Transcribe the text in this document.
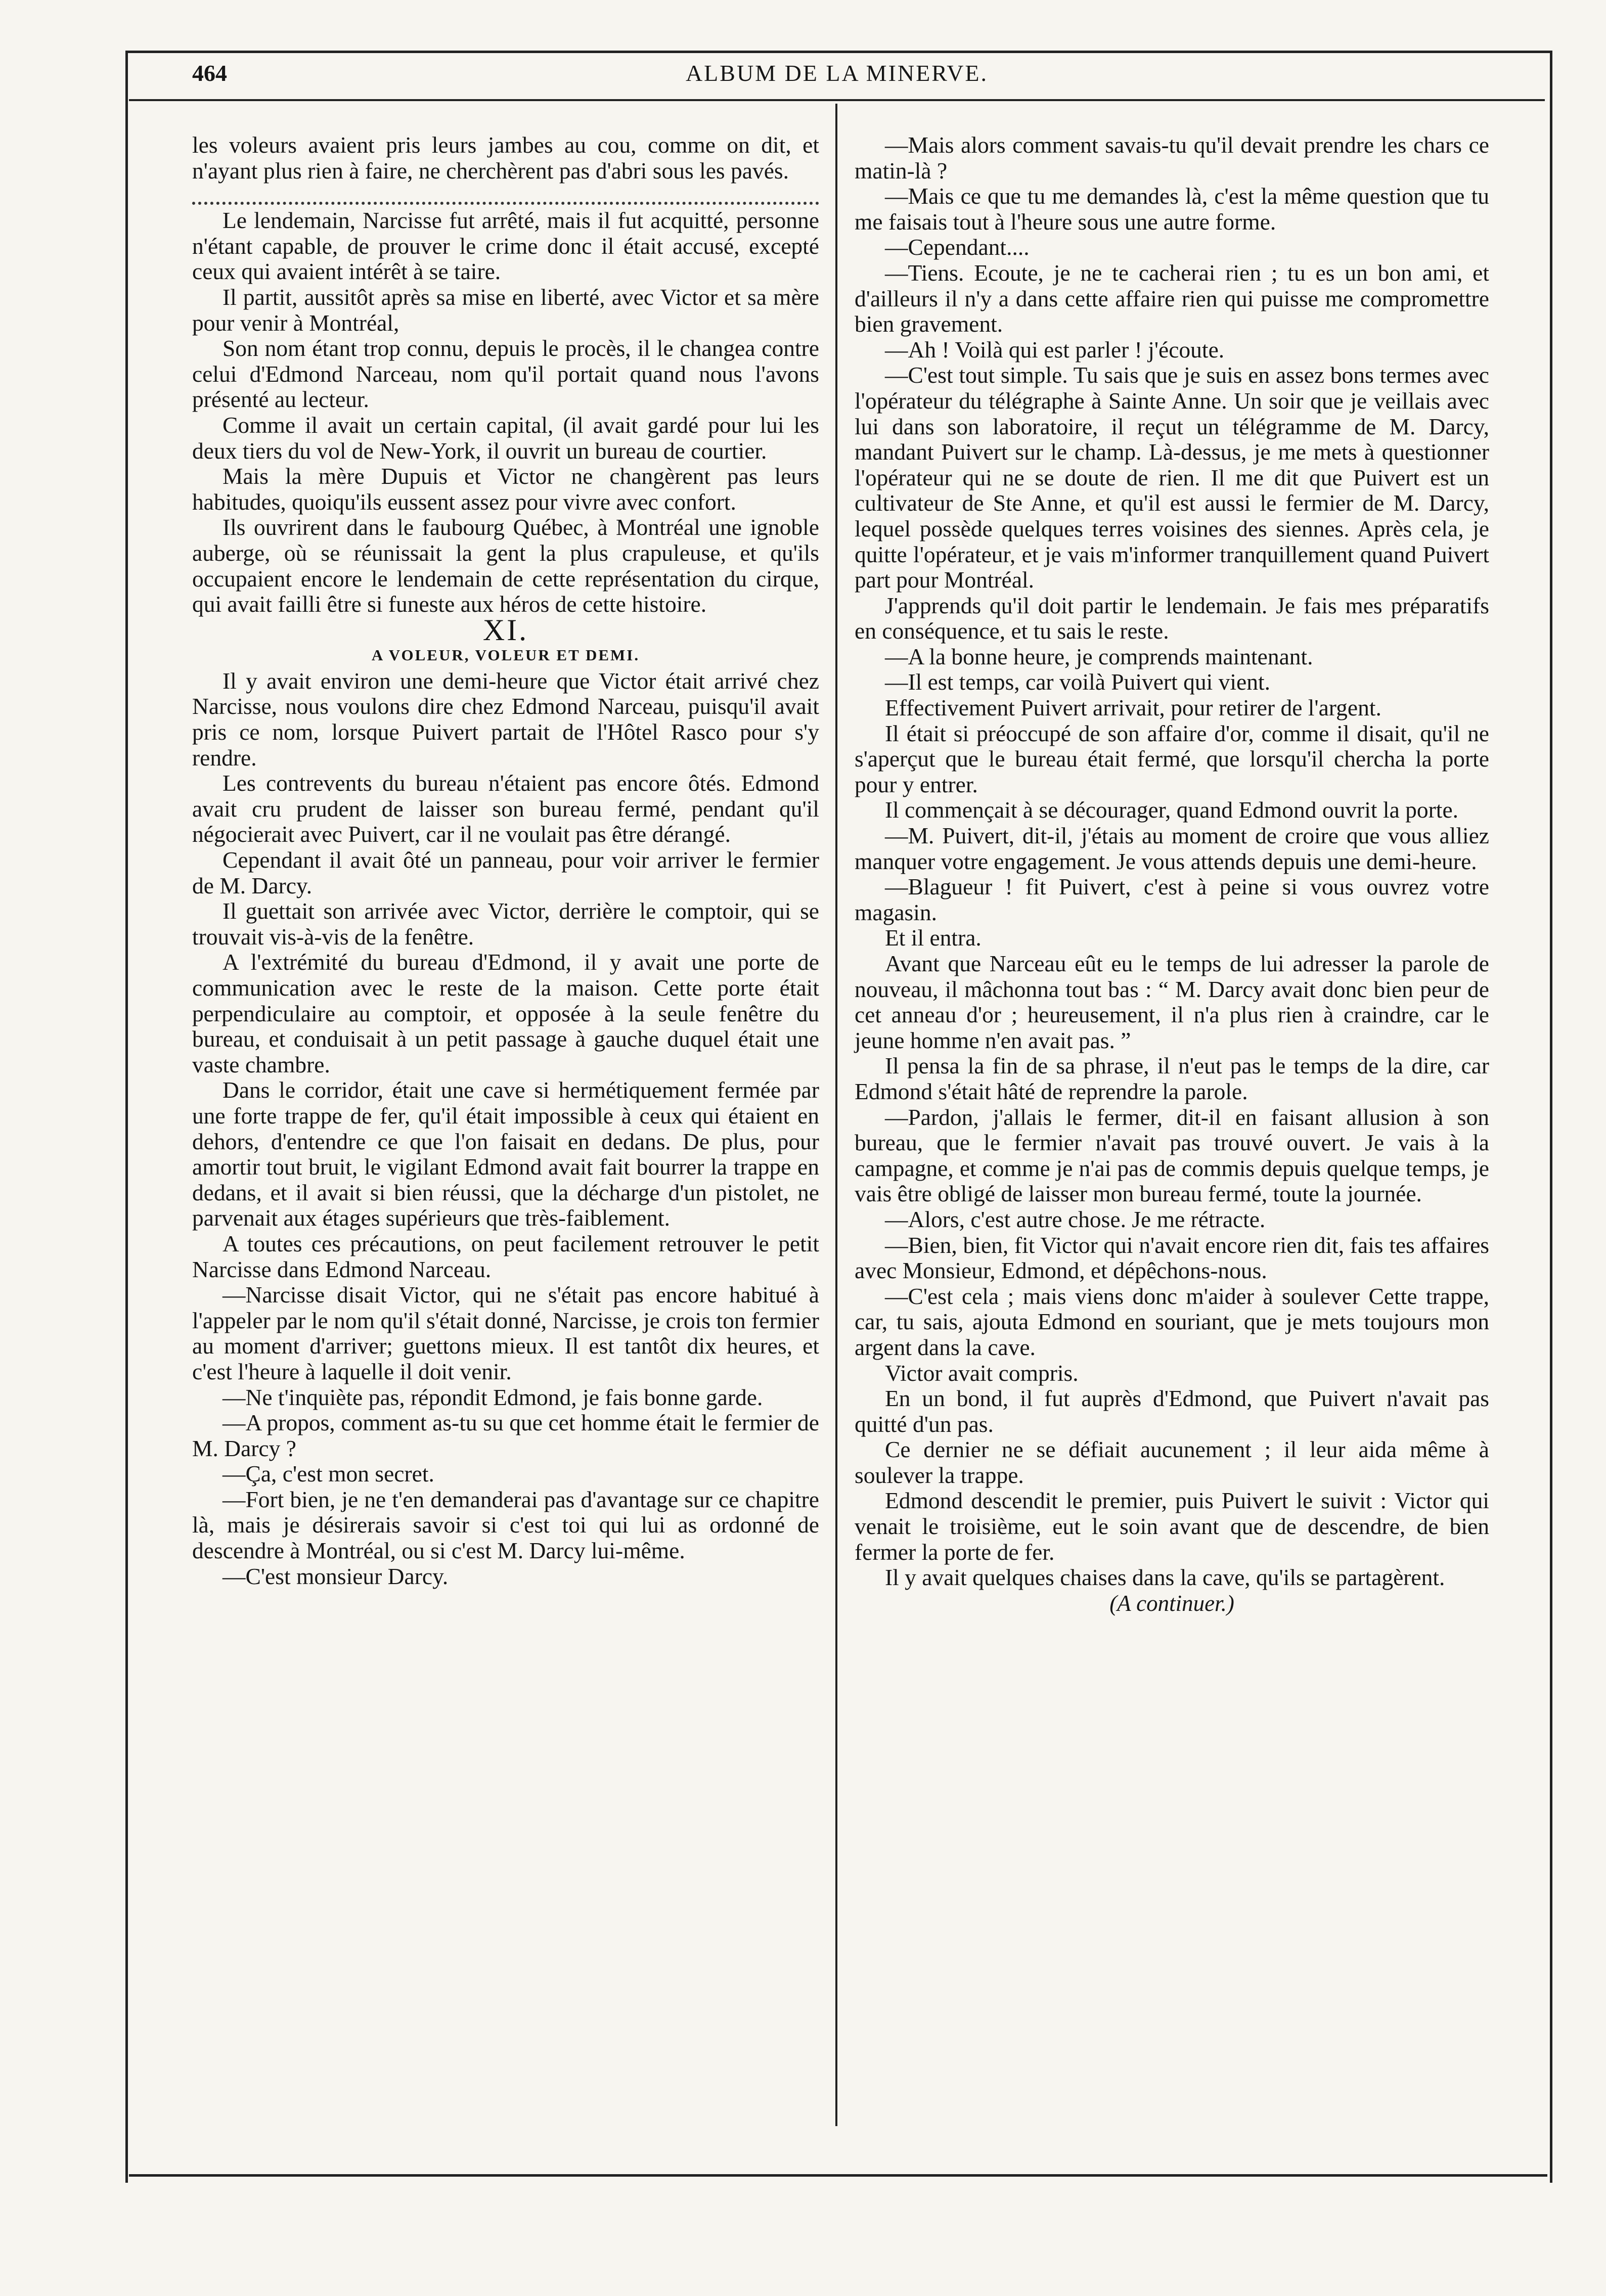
464	ALBUM DE LA MINERVE.

les voleurs avaient pris leurs jambes au cou, comme on dit, et n'ayant plus rien à faire, ne cherchèrent pas d'abri sous les pavés.

Le lendemain, Narcisse fut arrêté, mais il fut acquitté, personne n'étant capable, de prouver le crime donc il était accusé, excepté ceux qui avaient intérêt à se taire.

Il partit, aussitôt après sa mise en liberté, avec Victor et sa mère pour venir à Montréal,

Son nom étant trop connu, depuis le procès, il le changea contre celui d'Edmond Narceau, nom qu'il portait quand nous l'avons présenté au lecteur.

Comme il avait un certain capital, (il avait gardé pour lui les deux tiers du vol de New-York, il ouvrit un bureau de courtier.

Mais la mère Dupuis et Victor ne changèrent pas leurs habitudes, quoiqu'ils eussent assez pour vivre avec confort.

Ils ouvrirent dans le faubourg Québec, à Montréal une ignoble auberge, où se réunissait la gent la plus crapuleuse, et qu'ils occupaient encore le lendemain de cette représentation du cirque, qui avait failli être si funeste aux héros de cette histoire.

XI.

A VOLEUR, VOLEUR ET DEMI.

Il y avait environ une demi-heure que Victor était arrivé chez Narcisse, nous voulons dire chez Edmond Narceau, puisqu'il avait pris ce nom, lorsque Puivert partait de l'Hôtel Rasco pour s'y rendre.

Les contrevents du bureau n'étaient pas encore ôtés. Edmond avait cru prudent de laisser son bureau fermé, pendant qu'il négocierait avec Puivert, car il ne voulait pas être dérangé.

Cependant il avait ôté un panneau, pour voir arriver le fermier de M. Darcy.

Il guettait son arrivée avec Victor, derrière le comptoir, qui se trouvait vis-à-vis de la fenêtre.

A l'extrémité du bureau d'Edmond, il y avait une porte de communication avec le reste de la maison. Cette porte était perpendiculaire au comptoir, et opposée à la seule fenêtre du bureau, et conduisait à un petit passage à gauche duquel était une vaste chambre.

Dans le corridor, était une cave si hermétiquement fermée par une forte trappe de fer, qu'il était impossible à ceux qui étaient en dehors, d'entendre ce que l'on faisait en dedans. De plus, pour amortir tout bruit, le vigilant Edmond avait fait bourrer la trappe en dedans, et il avait si bien réussi, que la décharge d'un pistolet, ne parvenait aux étages supérieurs que très-faiblement.

A toutes ces précautions, on peut facilement retrouver le petit Narcisse dans Edmond Narceau.

—Narcisse disait Victor, qui ne s'était pas encore habitué à l'appeler par le nom qu'il s'était donné, Narcisse, je crois ton fermier au moment d'arriver; guettons mieux. Il est tantôt dix heures, et c'est l'heure à laquelle il doit venir.

—Ne t'inquiète pas, répondit Edmond, je fais bonne garde.

—A propos, comment as-tu su que cet homme était le fermier de M. Darcy ?

—Ça, c'est mon secret.

—Fort bien, je ne t'en demanderai pas d'avantage sur ce chapitre là, mais je désirerais savoir si c'est toi qui lui as ordonné de descendre à Montréal, ou si c'est M. Darcy lui-même.

—C'est monsieur Darcy.

—Mais alors comment savais-tu qu'il devait prendre les chars ce matin-là ?

—Mais ce que tu me demandes là, c'est la même question que tu me faisais tout à l'heure sous une autre forme.

—Cependant....

—Tiens. Ecoute, je ne te cacherai rien ; tu es un bon ami, et d'ailleurs il n'y a dans cette affaire rien qui puisse me compromettre bien gravement.

—Ah ! Voilà qui est parler ! j'écoute.

—C'est tout simple. Tu sais que je suis en assez bons termes avec l'opérateur du télégraphe à Sainte Anne. Un soir que je veillais avec lui dans son laboratoire, il reçut un télégramme de M. Darcy, mandant Puivert sur le champ. Là-dessus, je me mets à questionner l'opérateur qui ne se doute de rien. Il me dit que Puivert est un cultivateur de Ste Anne, et qu'il est aussi le fermier de M. Darcy, lequel possède quelques terres voisines des siennes. Après cela, je quitte l'opérateur, et je vais m'informer tranquillement quand Puivert part pour Montréal.

J'apprends qu'il doit partir le lendemain. Je fais mes préparatifs en conséquence, et tu sais le reste.

—A la bonne heure, je comprends maintenant.

—Il est temps, car voilà Puivert qui vient.

Effectivement Puivert arrivait, pour retirer de l'argent.

Il était si préoccupé de son affaire d'or, comme il disait, qu'il ne s'aperçut que le bureau était fermé, que lorsqu'il chercha la porte pour y entrer.

Il commençait à se décourager, quand Edmond ouvrit la porte.

—M. Puivert, dit-il, j'étais au moment de croire que vous alliez manquer votre engagement. Je vous attends depuis une demi-heure.

—Blagueur ! fit Puivert, c'est à peine si vous ouvrez votre magasin.

Et il entra.

Avant que Narceau eût eu le temps de lui adresser la parole de nouveau, il mâchonna tout bas : “ M. Darcy avait donc bien peur de cet anneau d'or ; heureusement, il n'a plus rien à craindre, car le jeune homme n'en avait pas. ”

Il pensa la fin de sa phrase, il n'eut pas le temps de la dire, car Edmond s'était hâté de reprendre la parole.

—Pardon, j'allais le fermer, dit-il en faisant allusion à son bureau, que le fermier n'avait pas trouvé ouvert. Je vais à la campagne, et comme je n'ai pas de commis depuis quelque temps, je vais être obligé de laisser mon bureau fermé, toute la journée.

—Alors, c'est autre chose. Je me rétracte.

—Bien, bien, fit Victor qui n'avait encore rien dit, fais tes affaires avec Monsieur, Edmond, et dépêchons-nous.

—C'est cela ; mais viens donc m'aider à soulever Cette trappe, car, tu sais, ajouta Edmond en souriant, que je mets toujours mon argent dans la cave.

Victor avait compris.

En un bond, il fut auprès d'Edmond, que Puivert n'avait pas quitté d'un pas.

Ce dernier ne se défiait aucunement ; il leur aida même à soulever la trappe.

Edmond descendit le premier, puis Puivert le suivit : Victor qui venait le troisième, eut le soin avant que de descendre, de bien fermer la porte de fer.

Il y avait quelques chaises dans la cave, qu'ils se partagèrent.

(A continuer.)
